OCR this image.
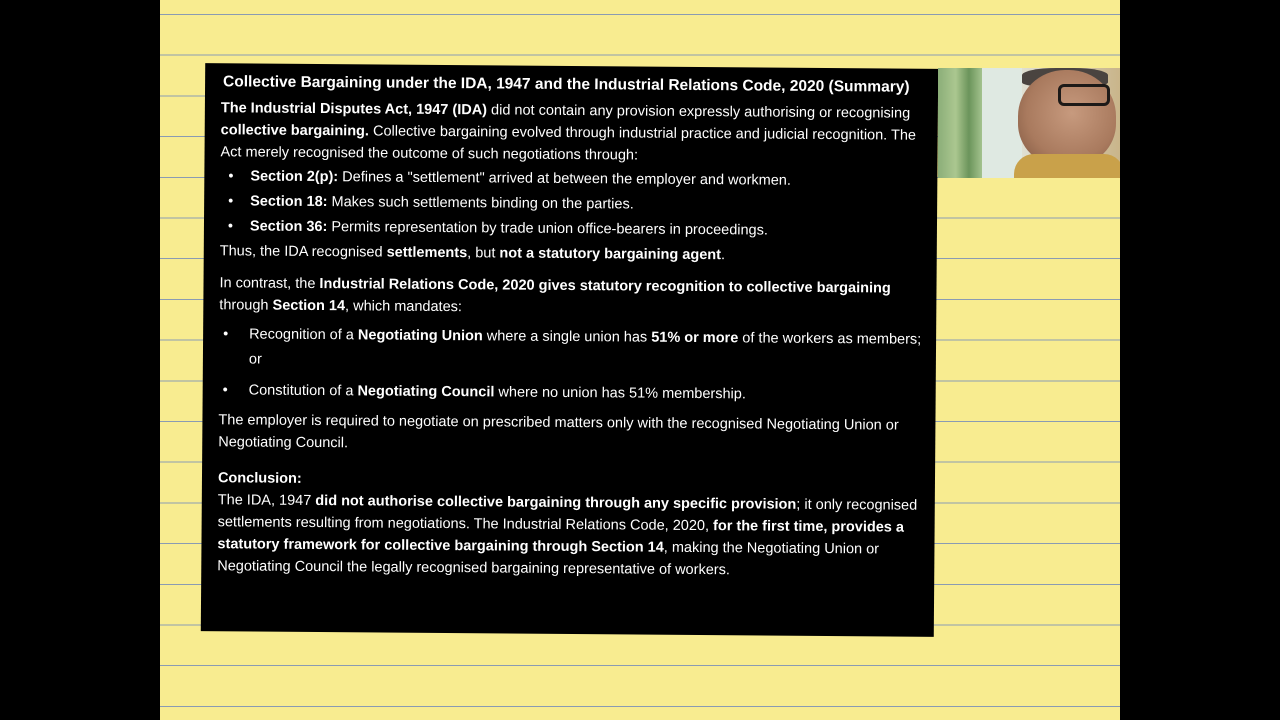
Collective Bargaining under the IDA, 1947 and the Industrial Relations Code, 2020 (Summary)

The Industrial Disputes Act, 1947 (IDA) did not contain any provision expressly authorising or recognising collective bargaining. Collective bargaining evolved through industrial practice and judicial recognition. The Act merely recognised the outcome of such negotiations through:

• Section 2(p): Defines a "settlement" arrived at between the employer and workmen.
• Section 18: Makes such settlements binding on the parties.
• Section 36: Permits representation by trade union office-bearers in proceedings.

Thus, the IDA recognised settlements, but not a statutory bargaining agent.

In contrast, the Industrial Relations Code, 2020 gives statutory recognition to collective bargaining through Section 14, which mandates:

• Recognition of a Negotiating Union where a single union has 51% or more of the workers as members; or
• Constitution of a Negotiating Council where no union has 51% membership.

The employer is required to negotiate on prescribed matters only with the recognised Negotiating Union or Negotiating Council.

Conclusion:

The IDA, 1947 did not authorise collective bargaining through any specific provision; it only recognised settlements resulting from negotiations. The Industrial Relations Code, 2020, for the first time, provides a statutory framework for collective bargaining through Section 14, making the Negotiating Union or Negotiating Council the legally recognised bargaining representative of workers.
